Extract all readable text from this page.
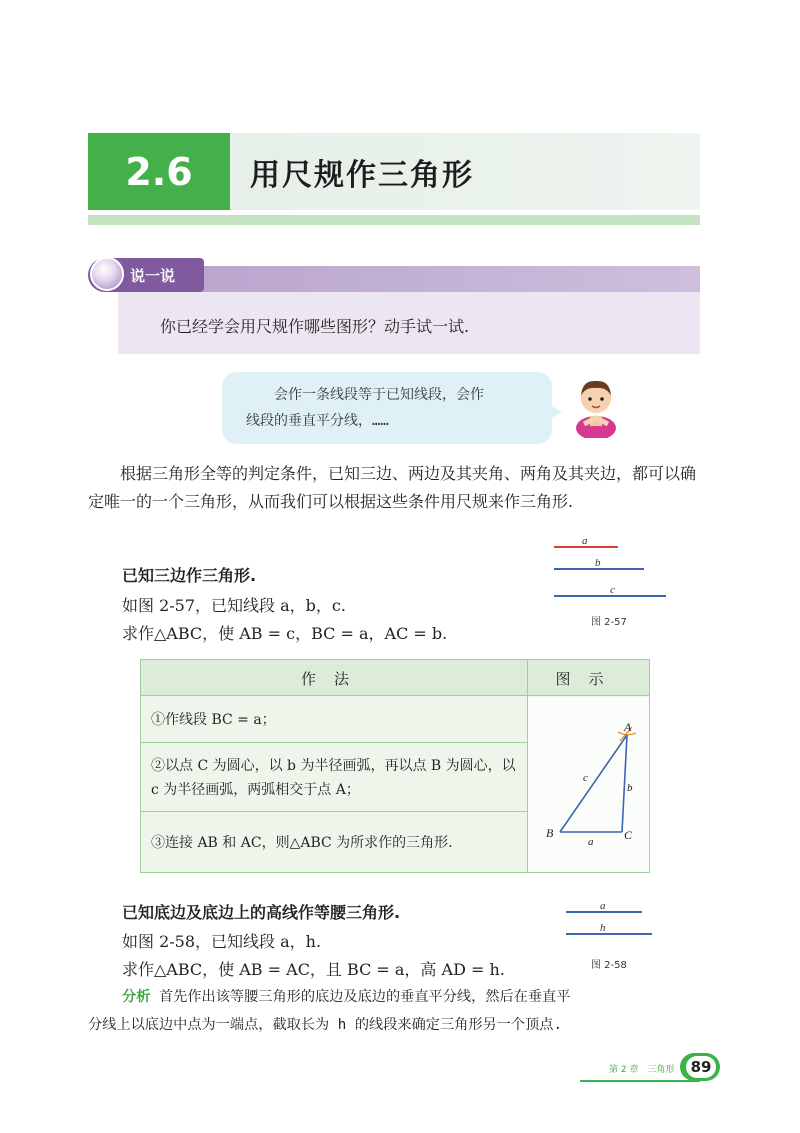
2.6	用尺规作三角形
说一说
你已经学会用尺规作哪些图形？动手试一试.
会作一条线段等于已知线段，会作
线段的垂直平分线，……
根据三角形全等的判定条件，已知三边、两边及其夹角、两角及其夹边，都可以确定唯一的一个三角形，从而我们可以根据这些条件用尺规来作三角形.
已知三边作三角形.
如图 2-57，已知线段 a，b，c.
求作△ABC，使 AB = c，BC = a，AC = b.
a
b
c
图 2-57
作法	图示
①作线段 BC = a；
②以点 C 为圆心，以 b 为半径画弧，再以点 B 为圆心，以 c 为半径画弧，两弧相交于点 A；
③连接 AB 和 AC，则△ABC 为所求作的三角形.
A
B	C
a
b
c
已知底边及底边上的高线作等腰三角形.
如图 2-58，已知线段 a，h.
求作△ABC，使 AB = AC，且 BC = a，高 AD = h.
a
h
图 2-58
分析 首先作出该等腰三角形的底边及底边的垂直平分线，然后在垂直平
分线上以底边中点为一端点，截取长为 h 的线段来确定三角形另一个顶点.
第 2 章　三角形	89
